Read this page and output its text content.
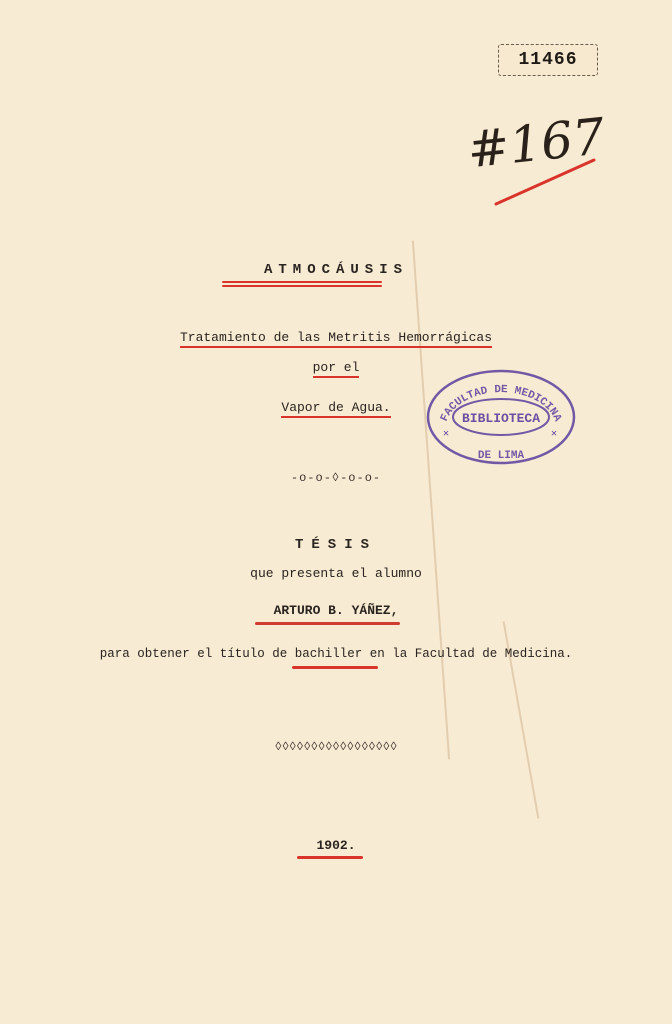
11466
#167
ATMOCÁUSIS
Tratamiento de las Metritis Hemorrágicas
por el
Vapor de Agua.
-o-o-◊-o-o-
TÉSIS
que presenta el alumno
ARTURO B. YÁÑEZ,
para obtener el título de bachiller en la Facultad de Medicina.
◊◊◊◊◊◊◊◊◊◊◊◊◊◊◊◊◊
1902.
FACULTAD DE MEDICINA
BIBLIOTECA
DE LIMA
✕	✕
